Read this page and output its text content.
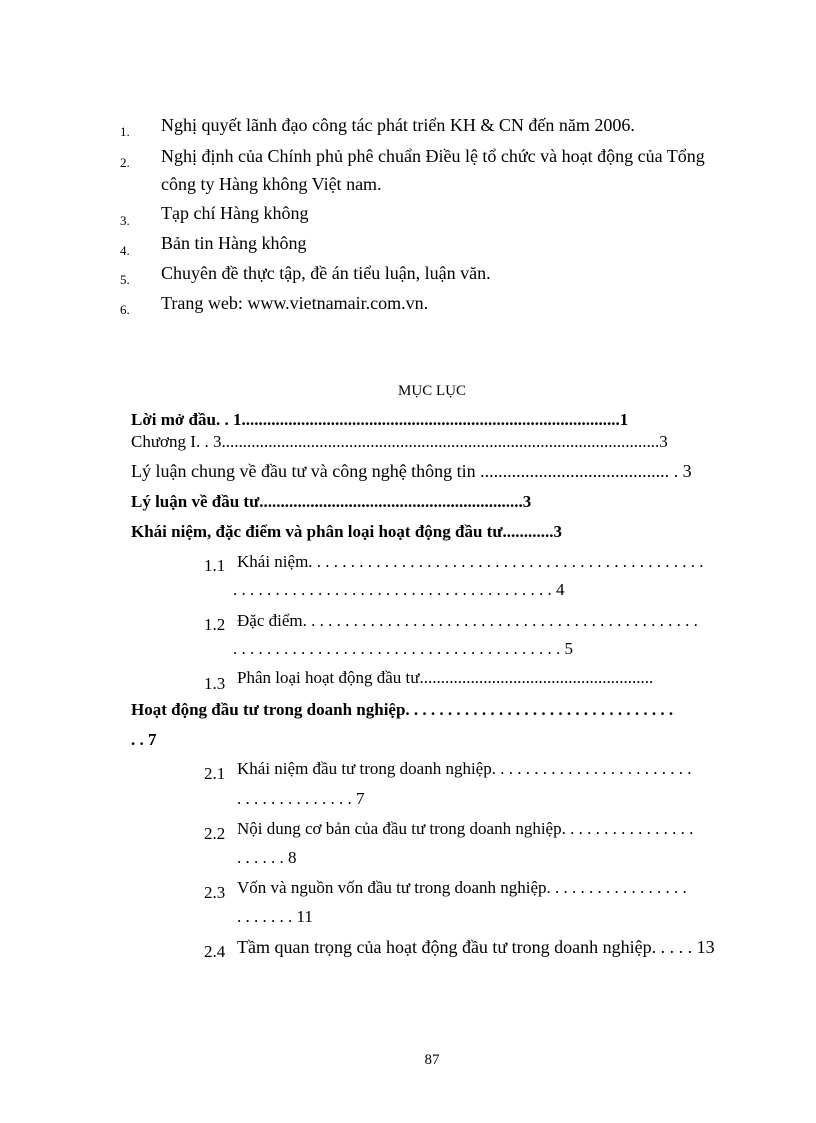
1. Nghị quyết lãnh đạo công tác phát triển KH & CN đến năm 2006.
2. Nghị định của Chính phủ phê chuẩn Điều lệ tổ chức và hoạt động của Tổng
công ty Hàng không Việt nam.
3. Tạp chí Hàng không
4. Bản tin Hàng không
5. Chuyên đề thực tập, đề án tiểu luận, luận văn.
6. Trang web: www.vietnamair.com.vn.
MỤC LỤC
Lời mở đầu. . 1.........................................................................................1
Chương I. . 3.......................................................................................................3
Lý luận chung về đầu tư và công nghệ thông tin .......................................... . 3
Lý luận về đầu tư..............................................................3
Khái niệm, đặc điểm và phân loại hoạt động đầu tư............3
1.1 Khái niệm. . . . . . . . . . . . . . . . . . . . . . . . . . . . . . . . . . . . . . . . . . . . . . .
. . . . . . . . . . . . . . . . . . . . . . . . . . . . . . . . . . . . . . 4
1.2 Đặc điểm. . . . . . . . . . . . . . . . . . . . . . . . . . . . . . . . . . . . . . . . . . . . . . .
. . . . . . . . . . . . . . . . . . . . . . . . . . . . . . . . . . . . . . . 5
1.3 Phân loại hoạt động đầu tư.......................................................
Hoạt động đầu tư trong doanh nghiệp. . . . . . . . . . . . . . . . . . . . . . . . . . . . . . . .
. . 7
2.1 Khái niệm đầu tư trong doanh nghiệp. . . . . . . . . . . . . . . . . . . . . . . .
. . . . . . . . . . . . . . 7
2.2 Nội dung cơ bản của đầu tư trong doanh nghiệp. . . . . . . . . . . . . . . .
. . . . . . 8
2.3 Vốn và nguồn vốn đầu tư trong doanh nghiệp. . . . . . . . . . . . . . . . .
. . . . . . . 11
2.4 Tầm quan trọng của hoạt động đầu tư trong doanh nghiệp. . . . . 13
87
